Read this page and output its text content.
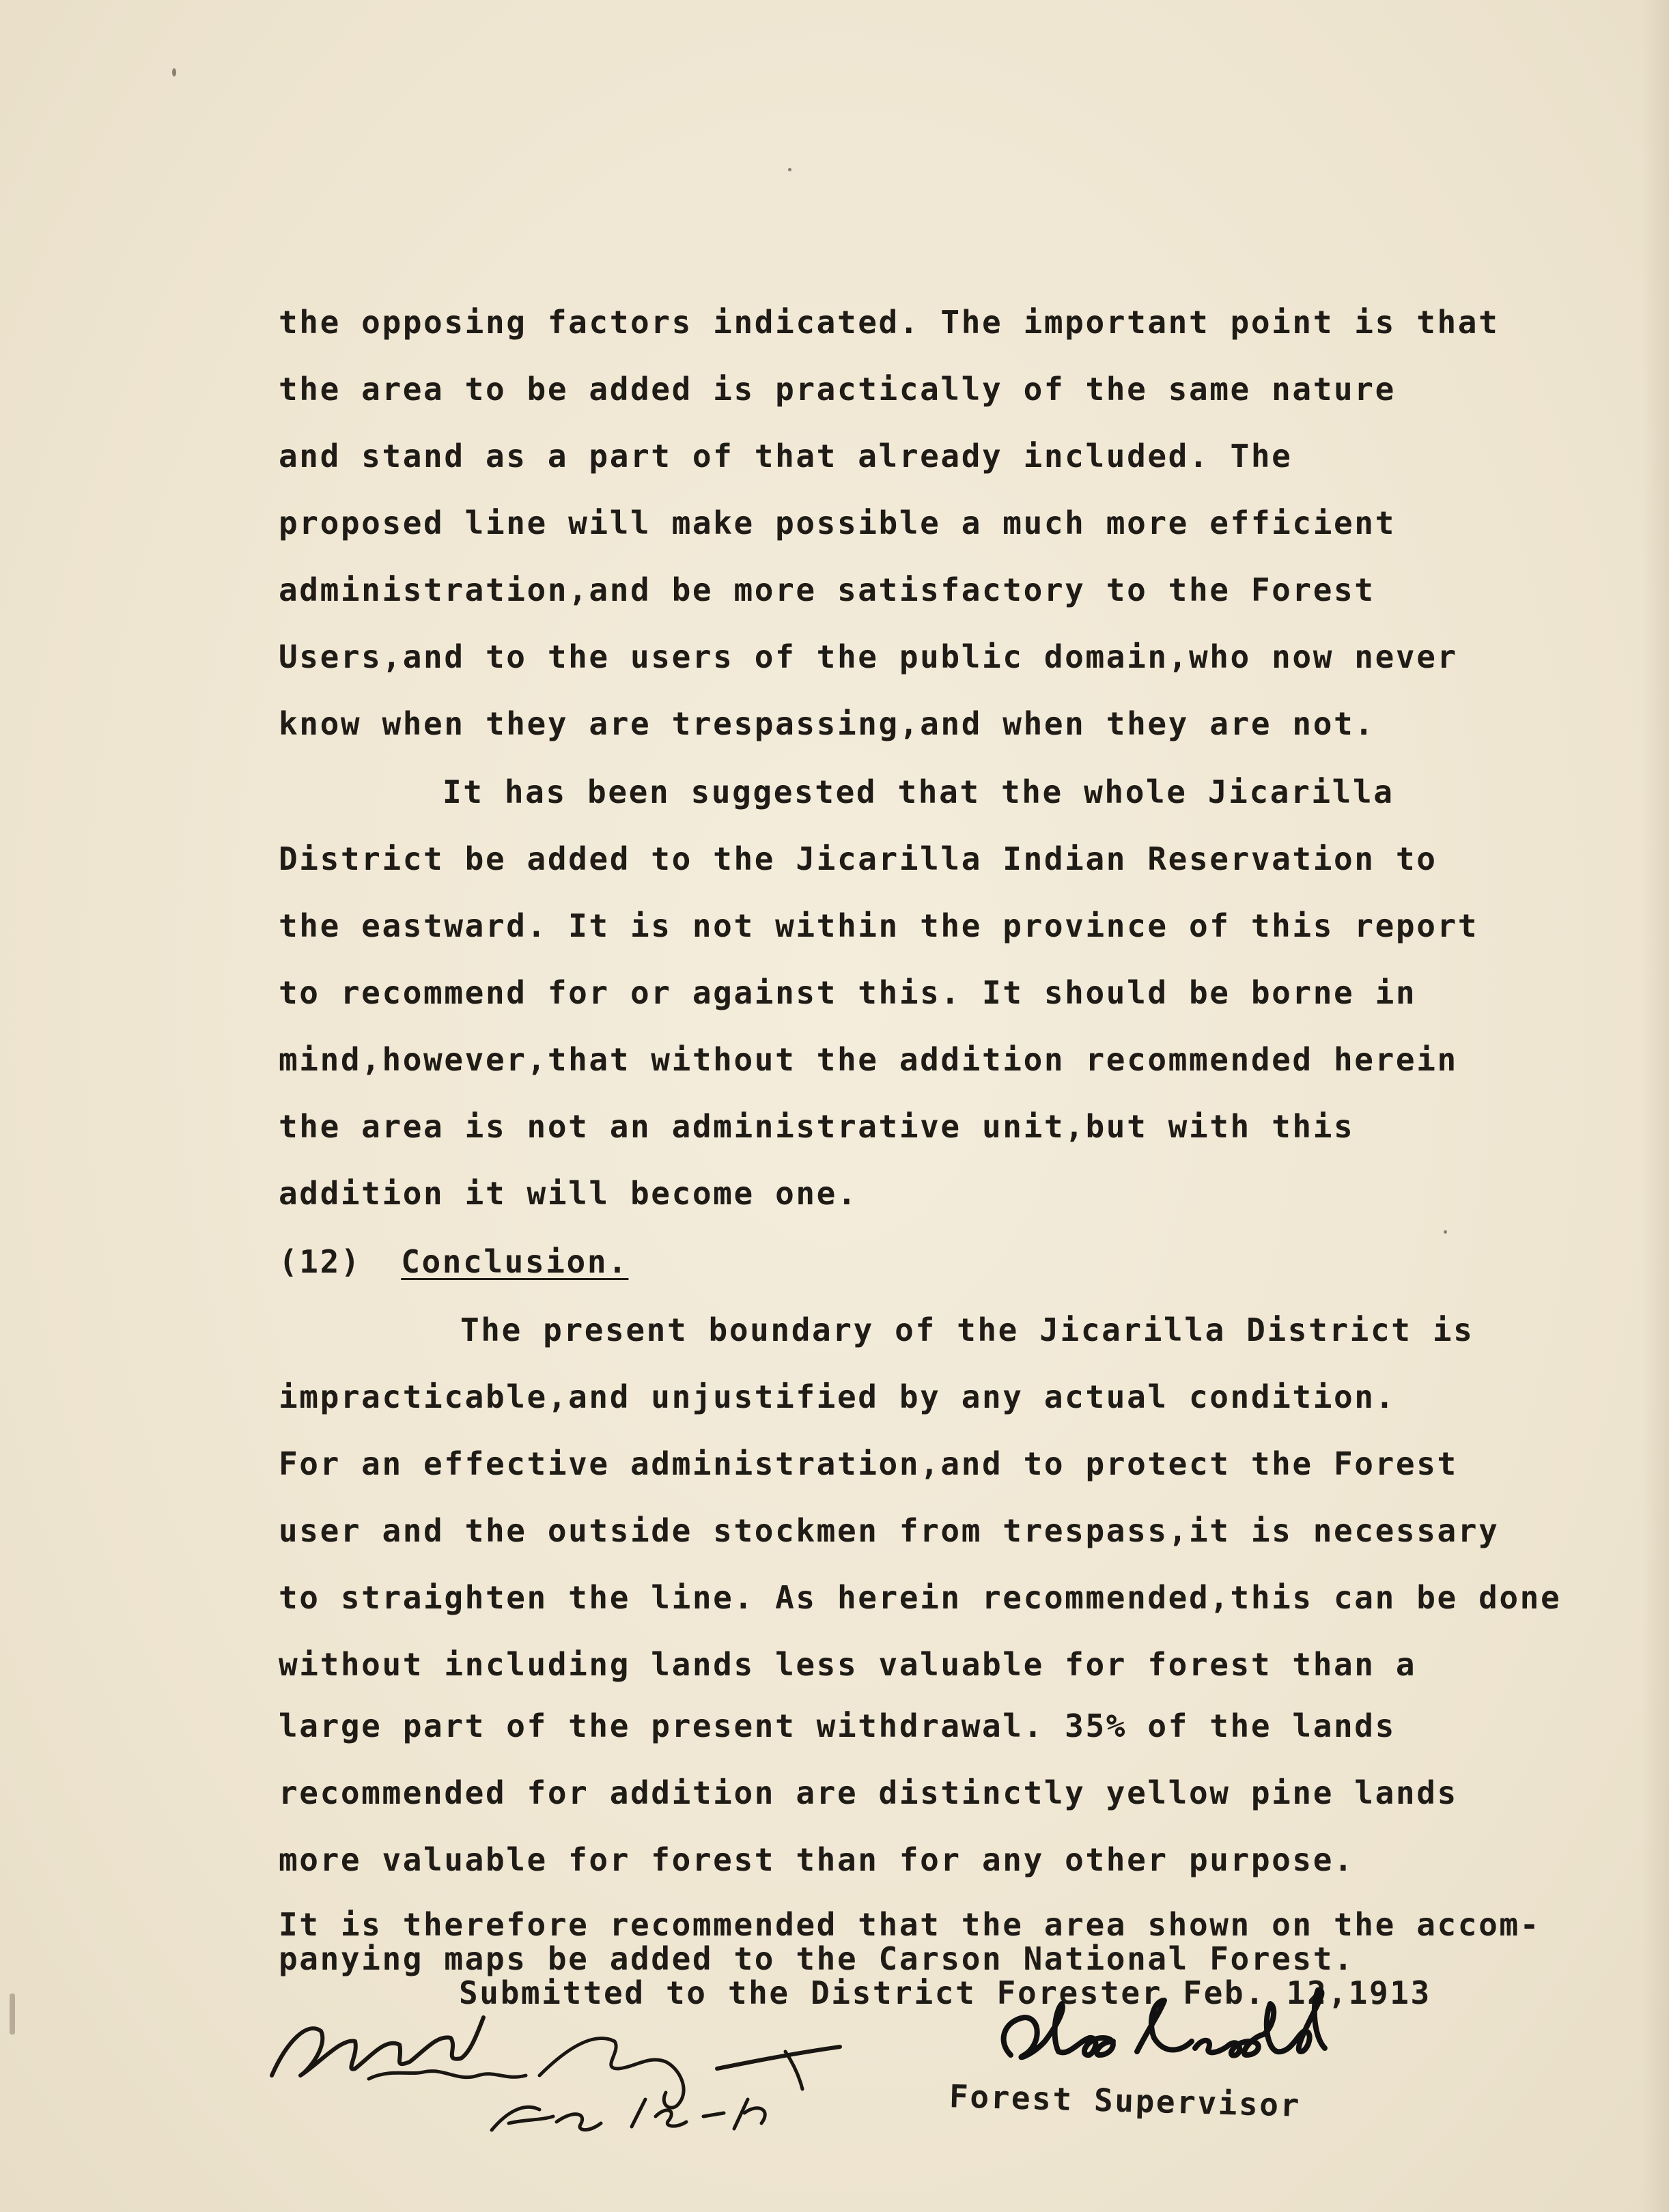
the opposing factors indicated. The important point is that
the area to be added is practically of the same nature
and stand as a part of that already included. The
proposed line will make possible a much more efficient
administration,and be more satisfactory to the Forest
Users,and to the users of the public domain,who now never
know when they are trespassing,and when they are not.
It has been suggested that the whole Jicarilla
District be added to the Jicarilla Indian Reservation to
the eastward. It is not within the province of this report
to recommend for or against this. It should be borne in
mind,however,that without the addition recommended herein
the area is not an administrative unit,but with this
addition it will become one.
(12) Conclusion.
The present boundary of the Jicarilla District is
impracticable,and unjustified by any actual condition.
For an effective administration,and to protect the Forest
user and the outside stockmen from trespass,it is necessary
to straighten the line. As herein recommended,this can be done
without including lands less valuable for forest than a
large part of the present withdrawal. 35% of the lands
recommended for addition are distinctly yellow pine lands
more valuable for forest than for any other purpose.
It is therefore recommended that the area shown on the accom-
panying maps be added to the Carson National Forest.
Submitted to the District Forester Feb. 12,1913
Forest Supervisor
